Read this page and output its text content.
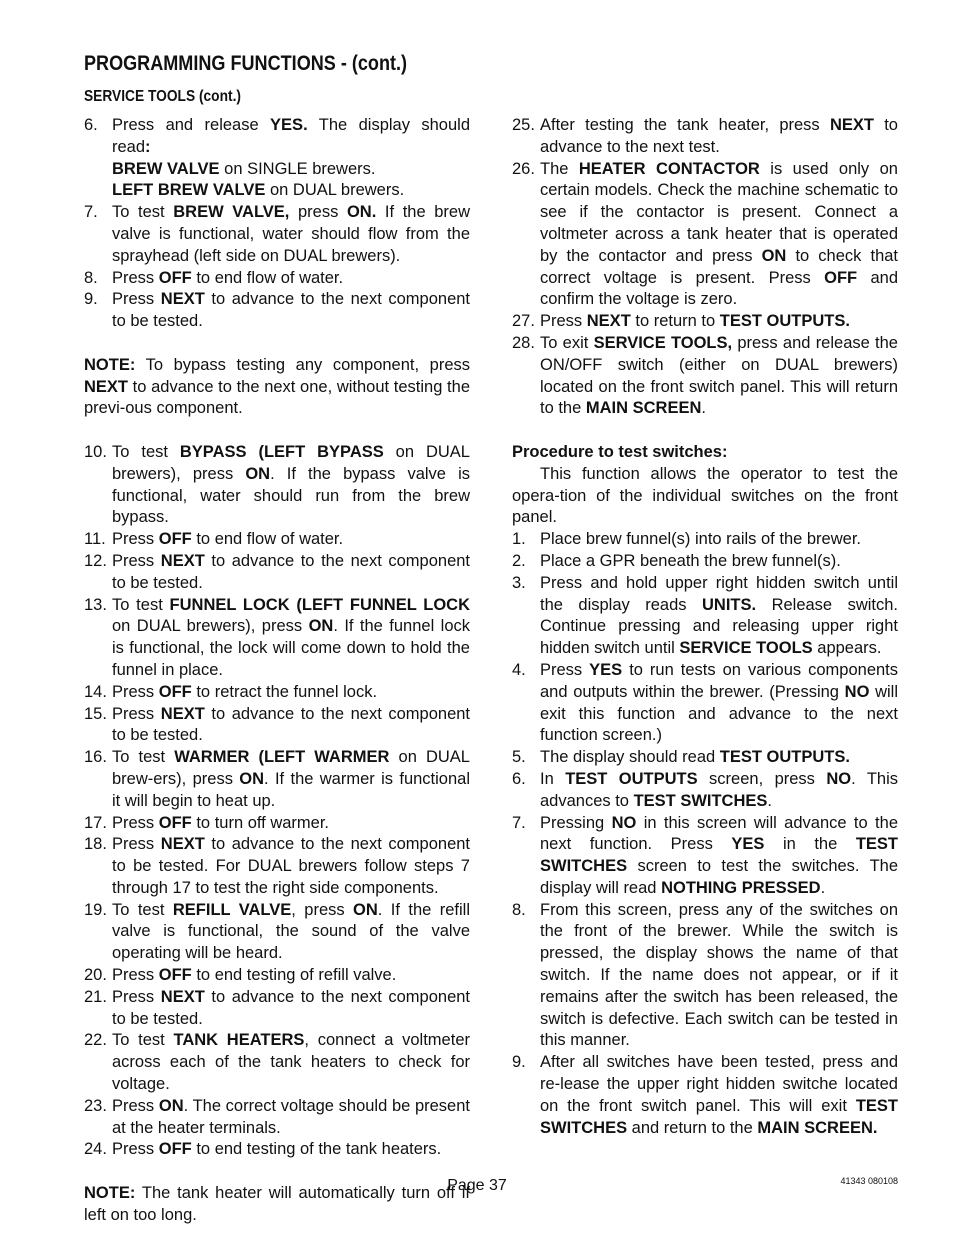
PROGRAMMING FUNCTIONS - (cont.)
SERVICE TOOLS (cont.)
6. Press and release YES. The display should read:
BREW VALVE on SINGLE brewers.
LEFT BREW VALVE on DUAL brewers.
7. To test BREW VALVE, press ON. If the brew valve is functional, water should flow from the sprayhead (left side on DUAL brewers).
8. Press OFF to end flow of water.
9. Press NEXT to advance to the next component to be tested.
NOTE: To bypass testing any component, press NEXT to advance to the next one, without testing the previ-ous component.
10. To test BYPASS (LEFT BYPASS on DUAL brewers), press ON. If the bypass valve is functional, water should run from the brew bypass.
11. Press OFF to end flow of water.
12. Press NEXT to advance to the next component to be tested.
13. To test FUNNEL LOCK (LEFT FUNNEL LOCK on DUAL brewers), press ON. If the funnel lock is functional, the lock will come down to hold the funnel in place.
14. Press OFF to retract the funnel lock.
15. Press NEXT to advance to the next component to be tested.
16. To test WARMER (LEFT WARMER on DUAL brew-ers), press ON. If the warmer is functional it will begin to heat up.
17. Press OFF to turn off warmer.
18. Press NEXT to advance to the next component to be tested. For DUAL brewers follow steps 7 through 17 to test the right side components.
19. To test REFILL VALVE, press ON. If the refill valve is functional, the sound of the valve operating will be heard.
20. Press OFF to end testing of refill valve.
21. Press NEXT to advance to the next component to be tested.
22. To test TANK HEATERS, connect a voltmeter across each of the tank heaters to check for voltage.
23. Press ON. The correct voltage should be present at the heater terminals.
24. Press OFF to end testing of the tank heaters.
NOTE: The tank heater will automatically turn off if left on too long.
25. After testing the tank heater, press NEXT to advance to the next test.
26. The HEATER CONTACTOR is used only on certain models. Check the machine schematic to see if the contactor is present. Connect a voltmeter across a tank heater that is operated by the contactor and press ON to check that correct voltage is present. Press OFF and confirm the voltage is zero.
27. Press NEXT to return to TEST OUTPUTS.
28. To exit SERVICE TOOLS, press and release the ON/OFF switch (either on DUAL brewers) located on the front switch panel. This will return to the MAIN SCREEN.
Procedure to test switches:
This function allows the operator to test the opera-tion of the individual switches on the front panel.
1. Place brew funnel(s) into rails of the brewer.
2. Place a GPR beneath the brew funnel(s).
3. Press and hold upper right hidden switch until the display reads UNITS. Release switch. Continue pressing and releasing upper right hidden switch until SERVICE TOOLS appears.
4. Press YES to run tests on various components and outputs within the brewer. (Pressing NO will exit this function and advance to the next function screen.)
5. The display should read TEST OUTPUTS.
6. In TEST OUTPUTS screen, press NO. This advances to TEST SWITCHES.
7. Pressing NO in this screen will advance to the next function. Press YES in the TEST SWITCHES screen to test the switches. The display will read NOTHING PRESSED.
8. From this screen, press any of the switches on the front of the brewer. While the switch is pressed, the display shows the name of that switch. If the name does not appear, or if it remains after the switch has been released, the switch is defective. Each switch can be tested in this manner.
9. After all switches have been tested, press and re-lease the upper right hidden switche located on the front switch panel. This will exit TEST SWITCHES and return to the MAIN SCREEN.
Page 37	41343 080108
